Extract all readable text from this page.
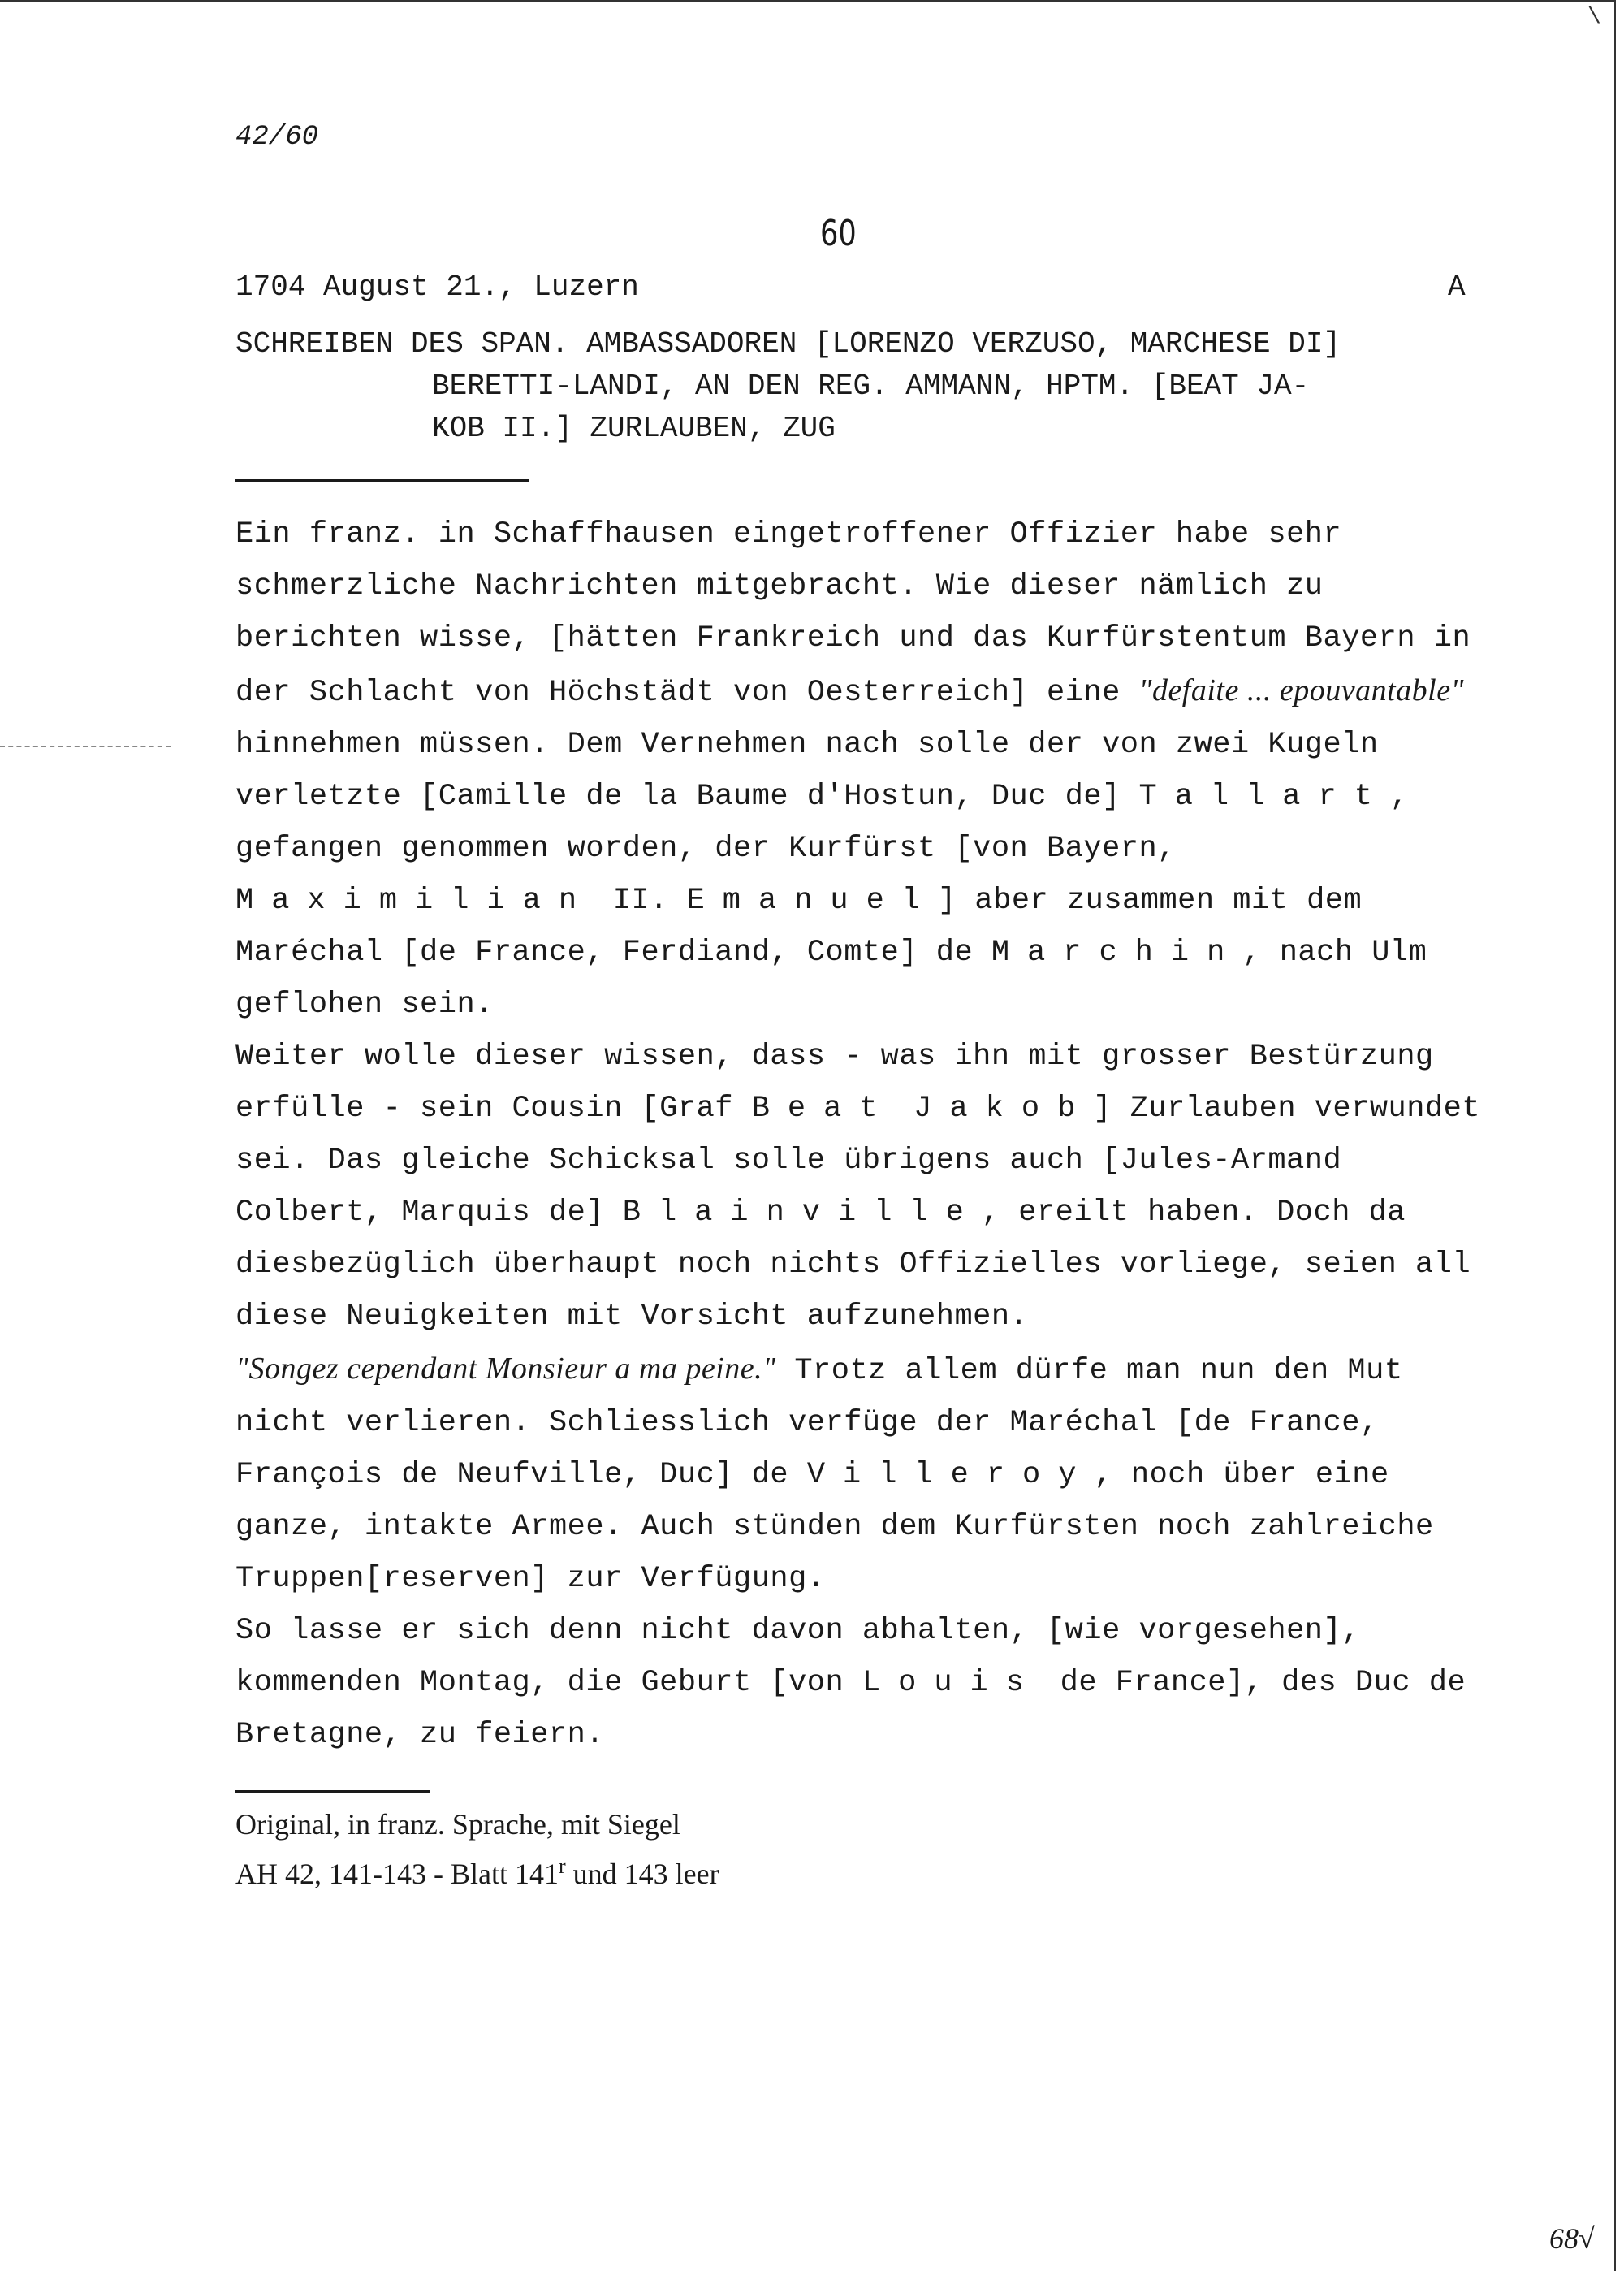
\
42/60
60
1704 August 21., Luzern	A
SCHREIBEN DES SPAN. AMBASSADOREN [LORENZO VERZUSO, MARCHESE DI]
BERETTI-LANDI, AN DEN REG. AMMANN, HPTM. [BEAT JA-
KOB II.] ZURLAUBEN, ZUG

Ein franz. in Schaffhausen eingetroffener Offizier habe sehr schmerzliche Nachrichten mitgebracht. Wie dieser nämlich zu berichten wisse, [hätten Frankreich und das Kurfürstentum Bayern in der Schlacht von Höchstädt von Oesterreich] eine "defaite ... epouvantable" hinnehmen müssen. Dem Vernehmen nach solle der von zwei Kugeln verletzte [Camille de la Baume d'Hostun, Duc de] Tallart, gefangen genommen worden, der Kurfürst [von Bayern, Maximilian II. Emanuel] aber zusammen mit dem Maréchal [de France, Ferdiand, Comte] de Marchin, nach Ulm geflohen sein.

Weiter wolle dieser wissen, dass - was ihn mit grosser Bestürzung erfülle - sein Cousin [Graf Beat Jakob] Zurlauben verwundet sei. Das gleiche Schicksal solle übrigens auch [Jules-Armand Colbert, Marquis de] Blainville, ereilt haben. Doch da diesbezüglich überhaupt noch nichts Offizielles vorliege, seien all diese Neuigkeiten mit Vorsicht aufzunehmen.

"Songez cependant Monsieur a ma peine." Trotz allem dürfe man nun den Mut nicht verlieren. Schliesslich verfüge der Maréchal [de France, François de Neufville, Duc] de Villeroy, noch über eine ganze, intakte Armee. Auch stünden dem Kurfürsten noch zahlreiche Truppen[reserven] zur Verfügung.

So lasse er sich denn nicht davon abhalten, [wie vorgesehen], kommenden Montag, die Geburt [von Louis de France], des Duc de Bretagne, zu feiern.

Original, in franz. Sprache, mit Siegel
AH 42, 141-143 - Blatt 141$^r$ und 143 leer
68√
